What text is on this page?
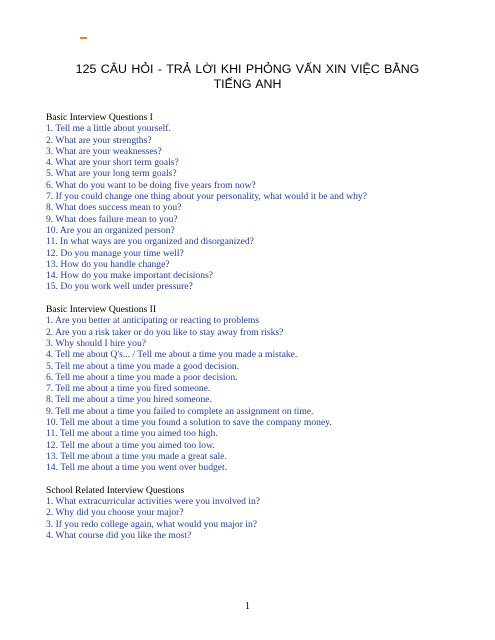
125 CÂU HỎI - TRẢ LỜI KHI PHỎNG VẤN XIN VIỆC BẰNG
TIẾNG ANH
Basic Interview Questions I
1. Tell me a little about yourself.
2. What are your strengths?
3. What are your weaknesses?
4. What are your short term goals?
5. What are your long term goals?
6. What do you want to be doing five years from now?
7. If you could change one thing about your personality, what would it be and why?
8. What does success mean to you?
9. What does failure mean to you?
10. Are you an organized person?
11. In what ways are you organized and disorganized?
12. Do you manage your time well?
13. How do you handle change?
14. How do you make important decisions?
15. Do you work well under pressure?
Basic Interview Questions II
1. Are you better at anticipating or reacting to problems
2. Are you a risk taker or do you like to stay away from risks?
3. Why should I hire you?
4. Tell me about Q's... / Tell me about a time you made a mistake.
5. Tell me about a time you made a good decision.
6. Tell me about a time you made a poor decision.
7. Tell me about a time you fired someone.
8. Tell me about a time you hired someone.
9. Tell me about a time you failed to complete an assignment on time.
10. Tell me about a time you found a solution to save the company money.
11. Tell me about a time you aimed too high.
12. Tell me about a time you aimed too low.
13. Tell me about a time you made a great sale.
14. Tell me about a time you went over budget.
School Related Interview Questions
1. What extracurricular activities were you involved in?
2. Why did you choose your major?
3. If you redo college again, what would you major in?
4. What course did you like the most?
1
